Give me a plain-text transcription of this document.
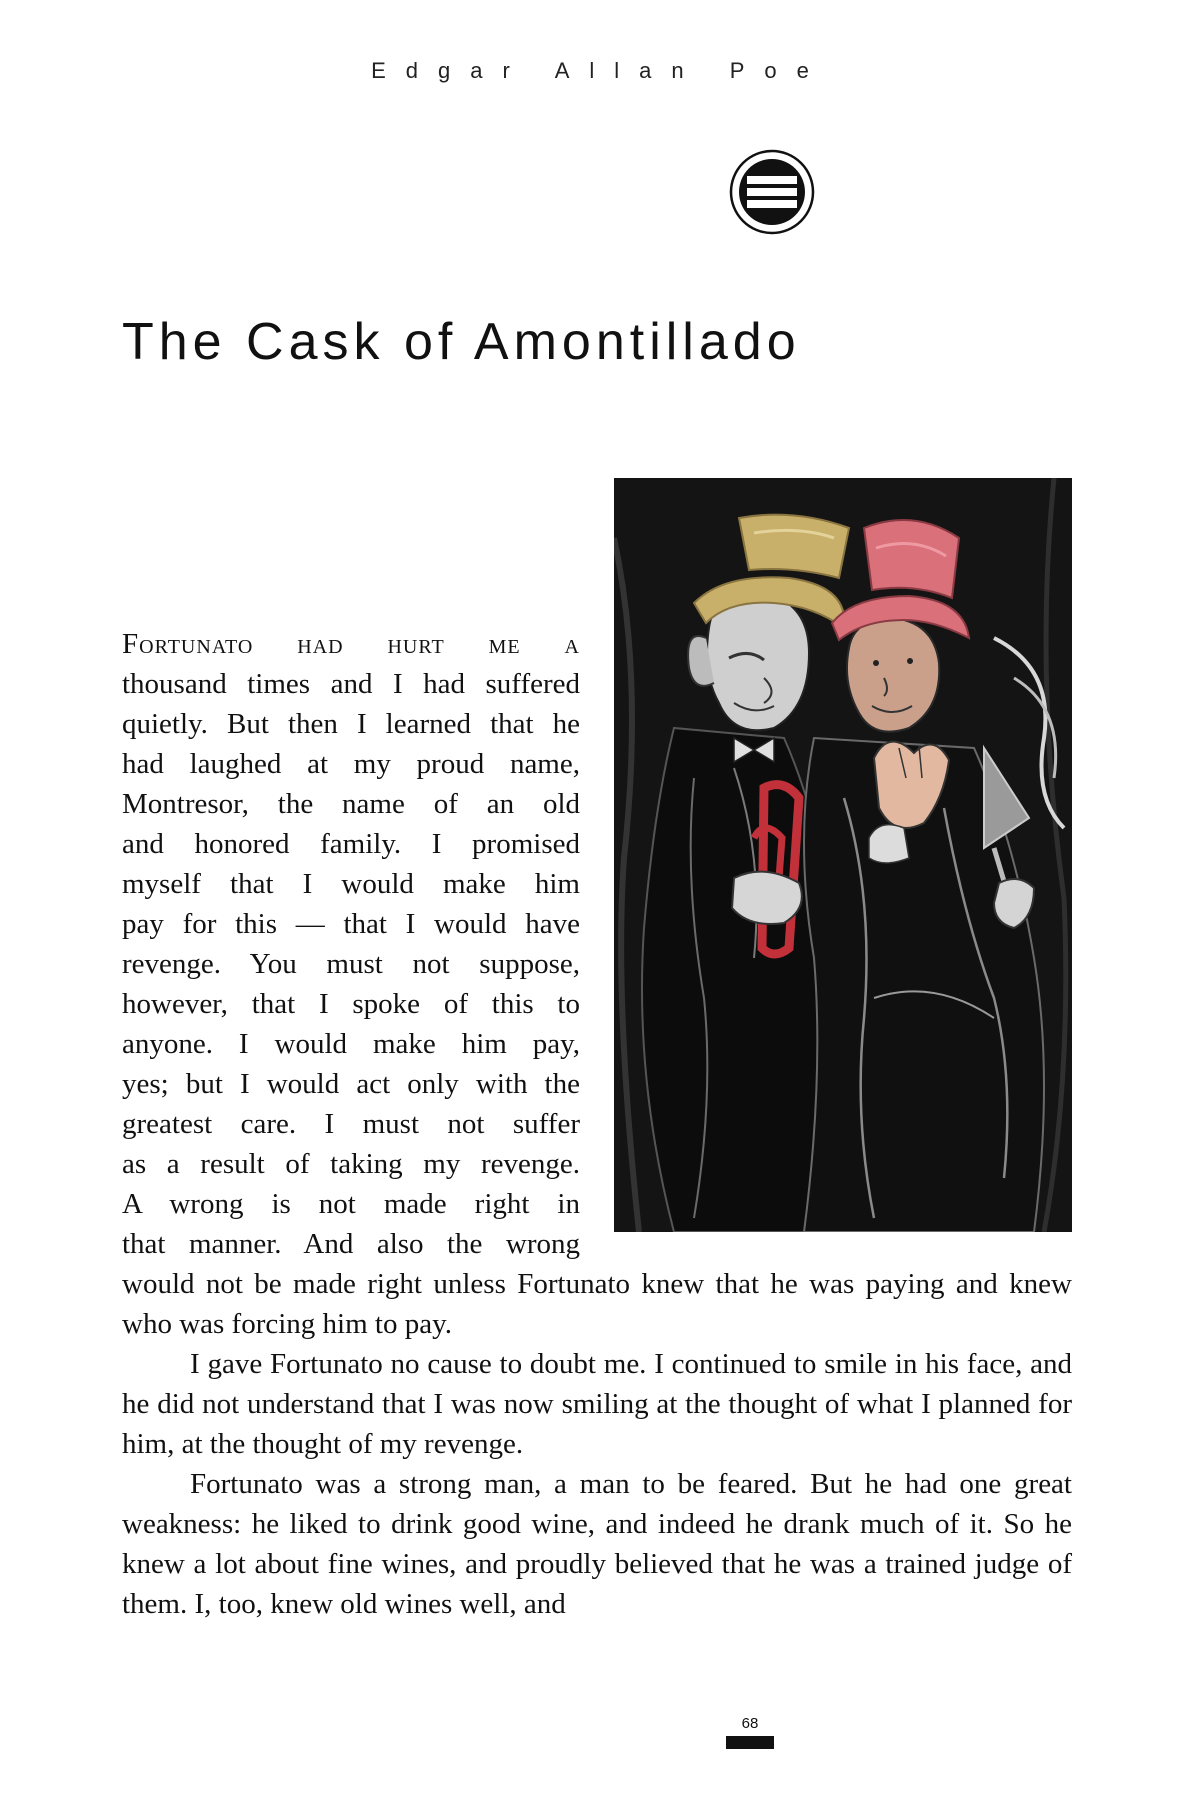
Edgar Allan Poe
The Cask of Amontillado
Fortunato had hurt me a
thousand times and I had suffered
quietly. But then I learned that he
had laughed at my proud name,
Montresor, the name of an old
and honored family. I promised
myself that I would make him
pay for this — that I would have
revenge. You must not suppose,
however, that I spoke of this to
anyone. I would make him pay,
yes; but I would act only with the
greatest care. I must not suffer
as a result of taking my revenge.
A wrong is not made right in
that manner. And also the wrong

would not be made right unless Fortunato knew that he was paying and knew who was forcing him to pay.

I gave Fortunato no cause to doubt me. I continued to smile in his face, and he did not understand that I was now smiling at the thought of what I planned for him, at the thought of my revenge.

Fortunato was a strong man, a man to be feared. But he had one great weakness: he liked to drink good wine, and indeed he drank much of it. So he knew a lot about fine wines, and proudly believed that he was a trained judge of them. I, too, knew old wines well, and

68
